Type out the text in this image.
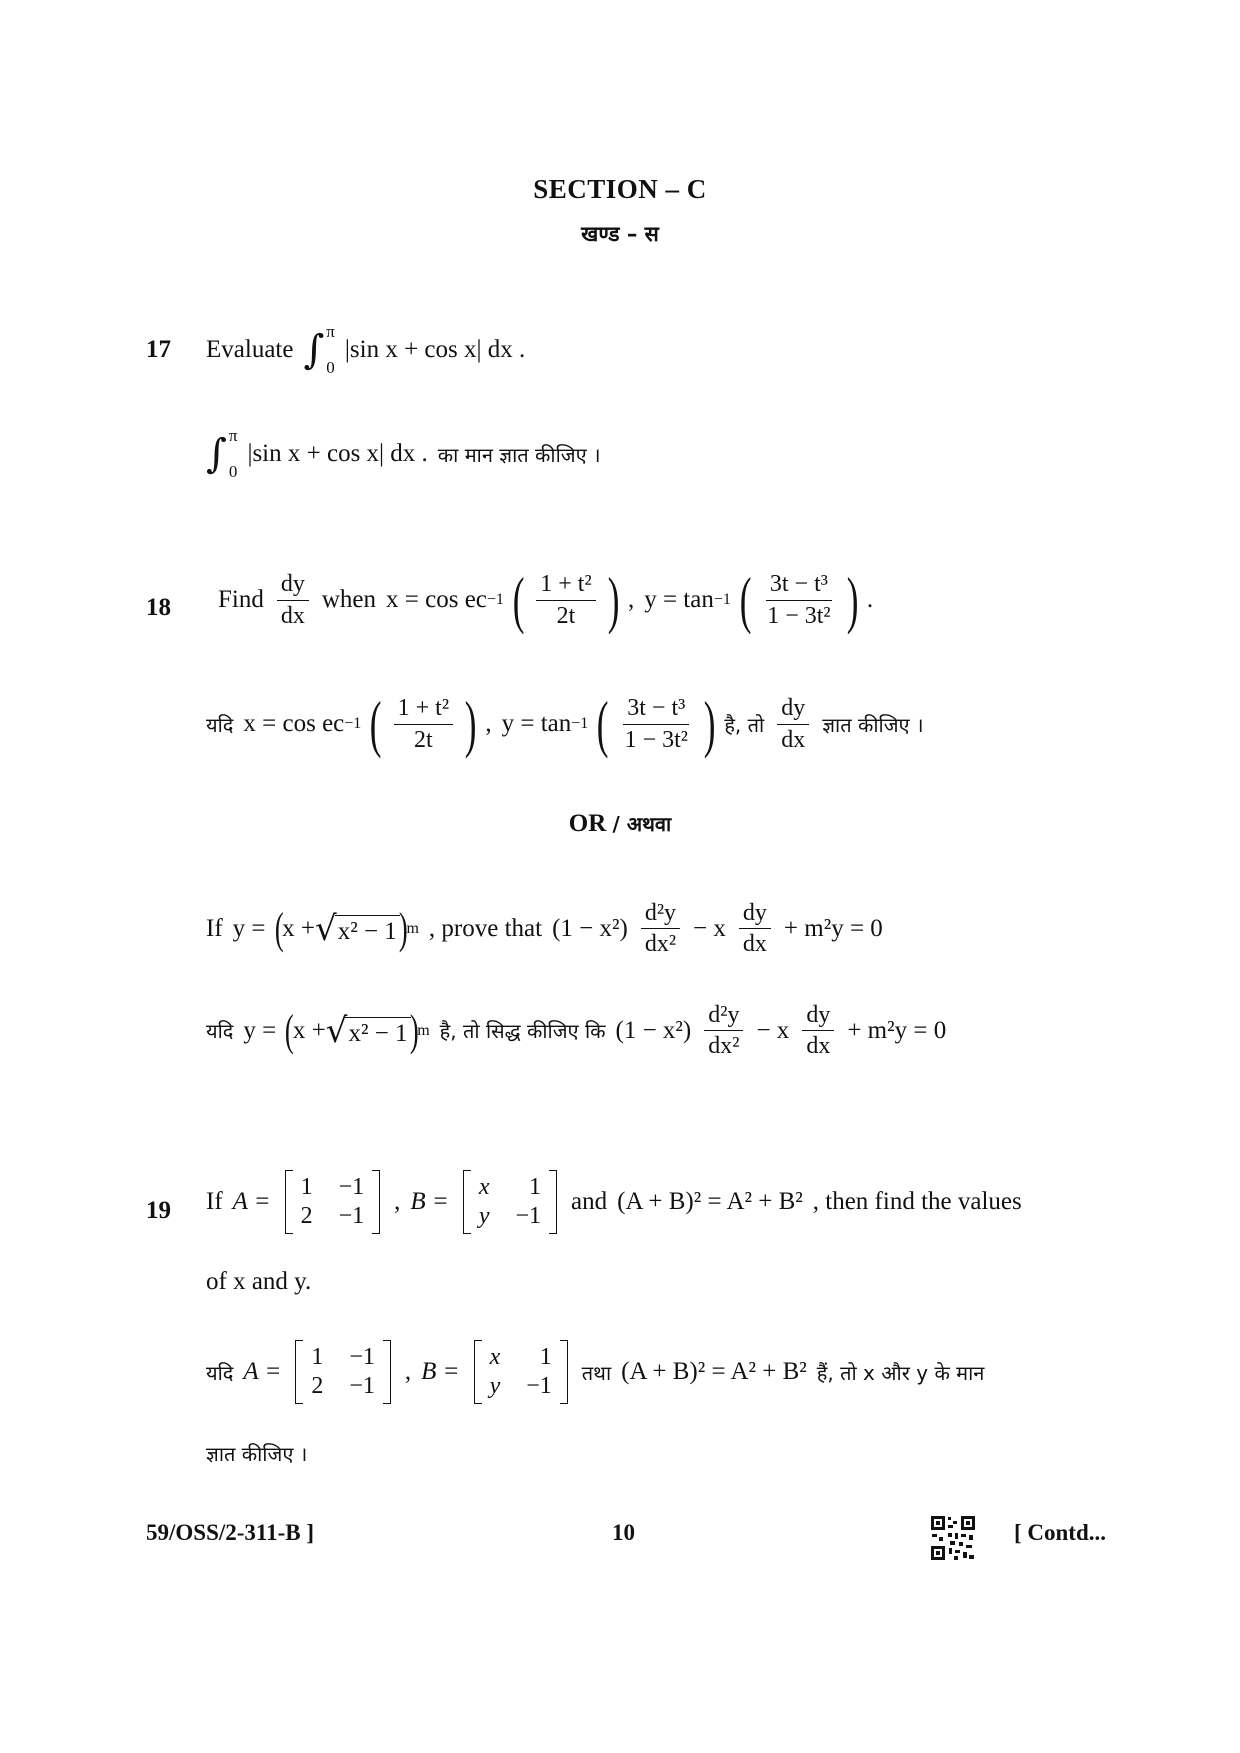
SECTION – C
खण्ड – स
17 Evaluate ∫ π
0
|sin x + cos x| dx .
∫ π
0
|sin x + cos x| dx . का मान ज्ञात कीजिए ।
18 Find $\frac{dy}{dx}$ when x = cos ec −1 ( $\frac{\text{1 + t²}}{2t}$ ) , y = tan −1 ( $\frac{\text{3t − t³}}{\text{1 − 3t²}}$ ) .
यदि x = cos ec −1 ( $\frac{\text{1 + t²}}{2t}$ ) , y = tan −1 ( $\frac{\text{3t − t³}}{\text{1 − 3t²}}$ ) है, तो $\frac{dy}{dx}$ ज्ञात कीजिए ।
OR / अथवा
If y = (
x + √ x² − 1 )
m , prove that $(1 - x^2) \frac{\text{d²y}}{\text{dx²}} - x \frac{dy}{dx} + m^2y = 0$
यदि y = (
x + √ x² − 1 )
m है, तो सिद्ध कीजिए कि $(1 - x^2) \frac{\text{d²y}}{\text{dx²}} - x \frac{dy}{dx} + m^2y = 0$
19 If A =
1 −1
2 −1
, B =
x	1
y −1
and (A + B)² = A² + B² , then find the values
of x and y.
यदि A =
1 −1
2 −1
, B =
x	1
y −1
तथा (A + B)² = A² + B² हैं, तो x और y के मान
ज्ञात कीजिए ।
59/OSS/2-311-B ]	10	[ Contd...
